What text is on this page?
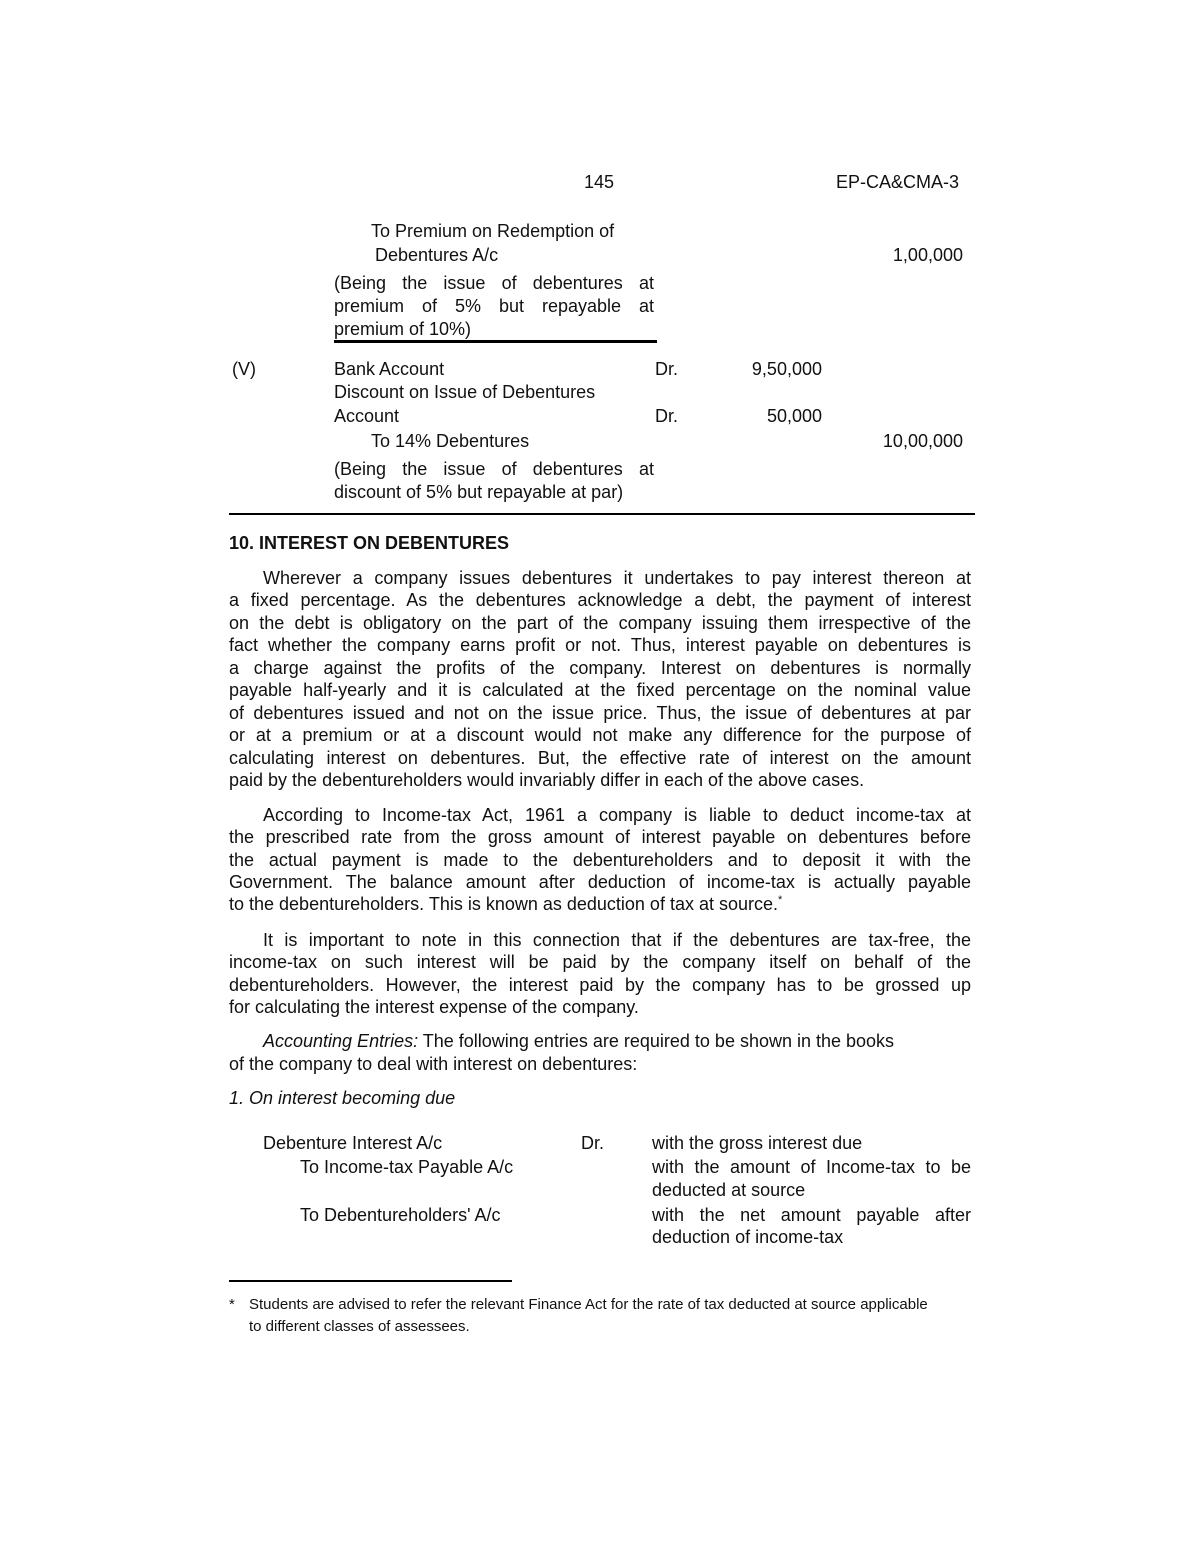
145	EP-CA&CMA-3
To Premium on Redemption of
Debentures A/c	1,00,000
(Being the issue of debentures at
premium of 5% but repayable at
premium of 10%)
(V)	Bank Account	Dr.	9,50,000
Discount on Issue of Debentures
Account	Dr.	50,000
To 14% Debentures	10,00,000
(Being the issue of debentures at
discount of 5% but repayable at par)
10. INTEREST ON DEBENTURES
Wherever a company issues debentures it undertakes to pay interest thereon at
a fixed percentage. As the debentures acknowledge a debt, the payment of interest
on the debt is obligatory on the part of the company issuing them irrespective of the
fact whether the company earns profit or not. Thus, interest payable on debentures is
a charge against the profits of the company. Interest on debentures is normally
payable half-yearly and it is calculated at the fixed percentage on the nominal value
of debentures issued and not on the issue price. Thus, the issue of debentures at par
or at a premium or at a discount would not make any difference for the purpose of
calculating interest on debentures. But, the effective rate of interest on the amount
paid by the debentureholders would invariably differ in each of the above cases.
According to Income-tax Act, 1961 a company is liable to deduct income-tax at
the prescribed rate from the gross amount of interest payable on debentures before
the actual payment is made to the debentureholders and to deposit it with the
Government. The balance amount after deduction of income-tax is actually payable
to the debentureholders. This is known as deduction of tax at source.*
It is important to note in this connection that if the debentures are tax-free, the
income-tax on such interest will be paid by the company itself on behalf of the
debentureholders. However, the interest paid by the company has to be grossed up
for calculating the interest expense of the company.
Accounting Entries: The following entries are required to be shown in the books
of the company to deal with interest on debentures:
1. On interest becoming due
Debenture Interest A/c	Dr.	with the gross interest due
To Income-tax Payable A/c	with the amount of Income-tax to be
deducted at source
To Debentureholders' A/c	with the net amount payable after
deduction of income-tax
* Students are advised to refer the relevant Finance Act for the rate of tax deducted at source applicable
to different classes of assessees.
